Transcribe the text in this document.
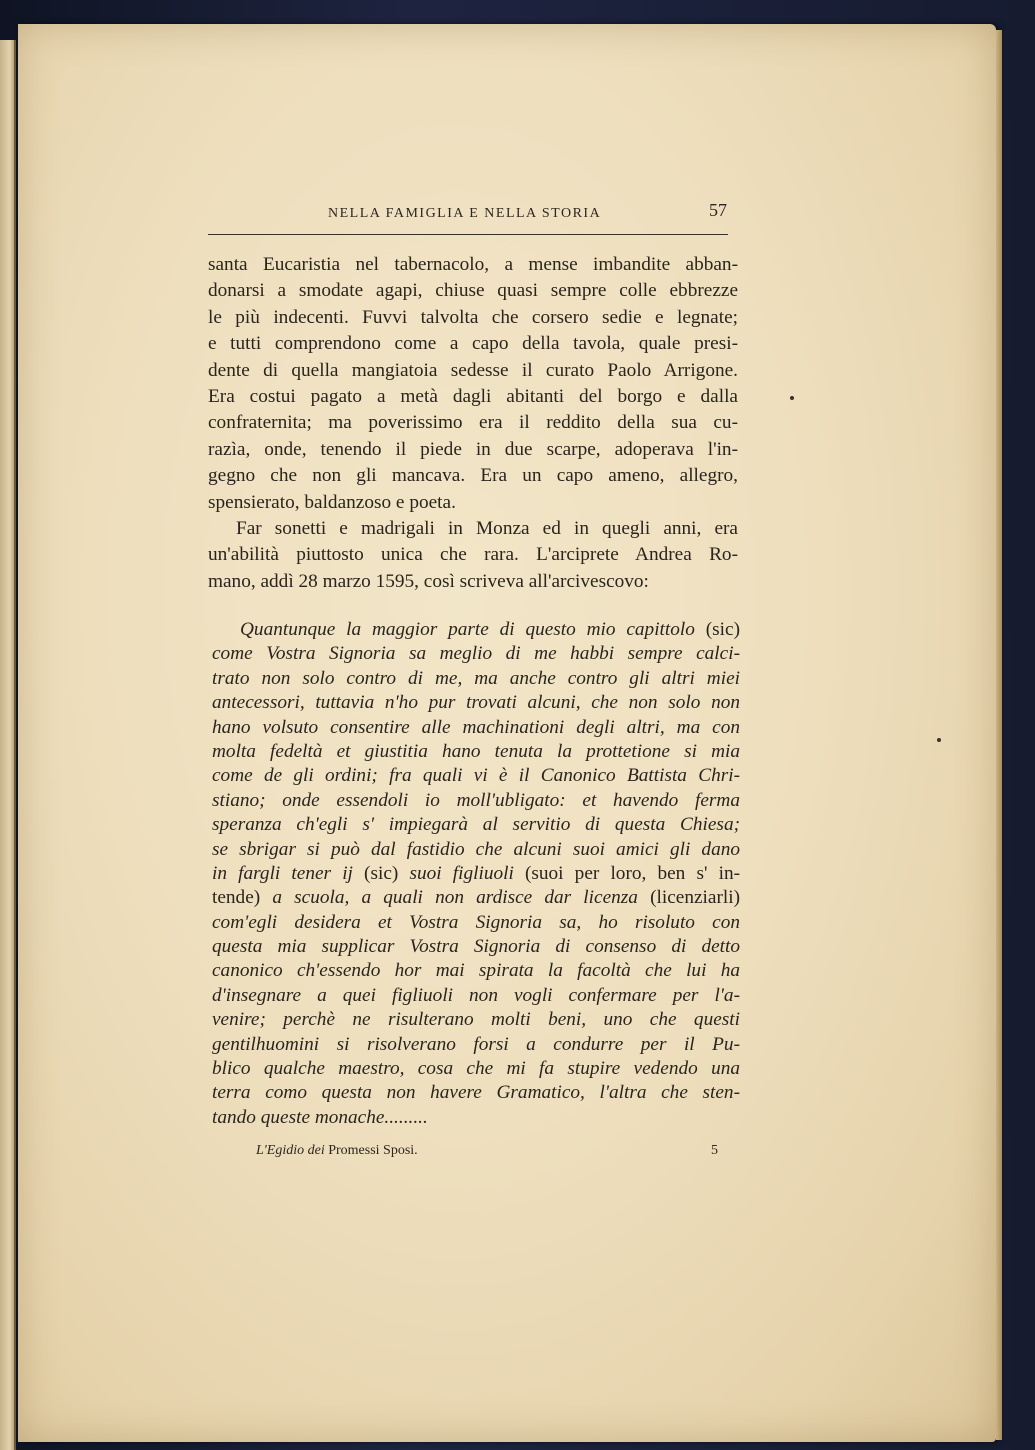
NELLA FAMIGLIA E NELLA STORIA	57
santa Eucaristia nel tabernacolo, a mense imbandite abban-
donarsi a smodate agapi, chiuse quasi sempre colle ebbrezze
le più indecenti. Fuvvi talvolta che corsero sedie e legnate;
e tutti comprendono come a capo della tavola, quale presi-
dente di quella mangiatoia sedesse il curato Paolo Arrigone.
Era costui pagato a metà dagli abitanti del borgo e dalla
confraternita; ma poverissimo era il reddito della sua cu-
razìa, onde, tenendo il piede in due scarpe, adoperava l'in-
gegno che non gli mancava. Era un capo ameno, allegro,
spensierato, baldanzoso e poeta.
Far sonetti e madrigali in Monza ed in quegli anni, era
un'abilità piuttosto unica che rara. L'arciprete Andrea Ro-
mano, addì 28 marzo 1595, così scriveva all'arcivescovo:
Quantunque la maggior parte di questo mio capittolo (sic)
come Vostra Signoria sa meglio di me habbi sempre calci-
trato non solo contro di me, ma anche contro gli altri miei
antecessori, tuttavia n'ho pur trovati alcuni, che non solo non
hano volsuto consentire alle machinationi degli altri, ma con
molta fedeltà et giustitia hano tenuta la prottetione si mia
come de gli ordini; fra quali vi è il Canonico Battista Chri-
stiano; onde essendoli io moll'ubligato: et havendo ferma
speranza ch'egli s' impiegarà al servitio di questa Chiesa;
se sbrigar si può dal fastidio che alcuni suoi amici gli dano
in fargli tener ij (sic) suoi figliuoli (suoi per loro, ben s' in-
tende) a scuola, a quali non ardisce dar licenza (licenziarli)
com'egli desidera et Vostra Signoria sa, ho risoluto con
questa mia supplicar Vostra Signoria di consenso di detto
canonico ch'essendo hor mai spirata la facoltà che lui ha
d'insegnare a quei figliuoli non vogli confermare per l'a-
venire; perchè ne risulterano molti beni, uno che questi
gentilhuomini si risolverano forsi a condurre per il Pu-
blico qualche maestro, cosa che mi fa stupire vedendo una
terra como questa non havere Gramatico, l'altra che sten-
tando queste monache.........
L'Egidio dei Promessi Sposi.	5
